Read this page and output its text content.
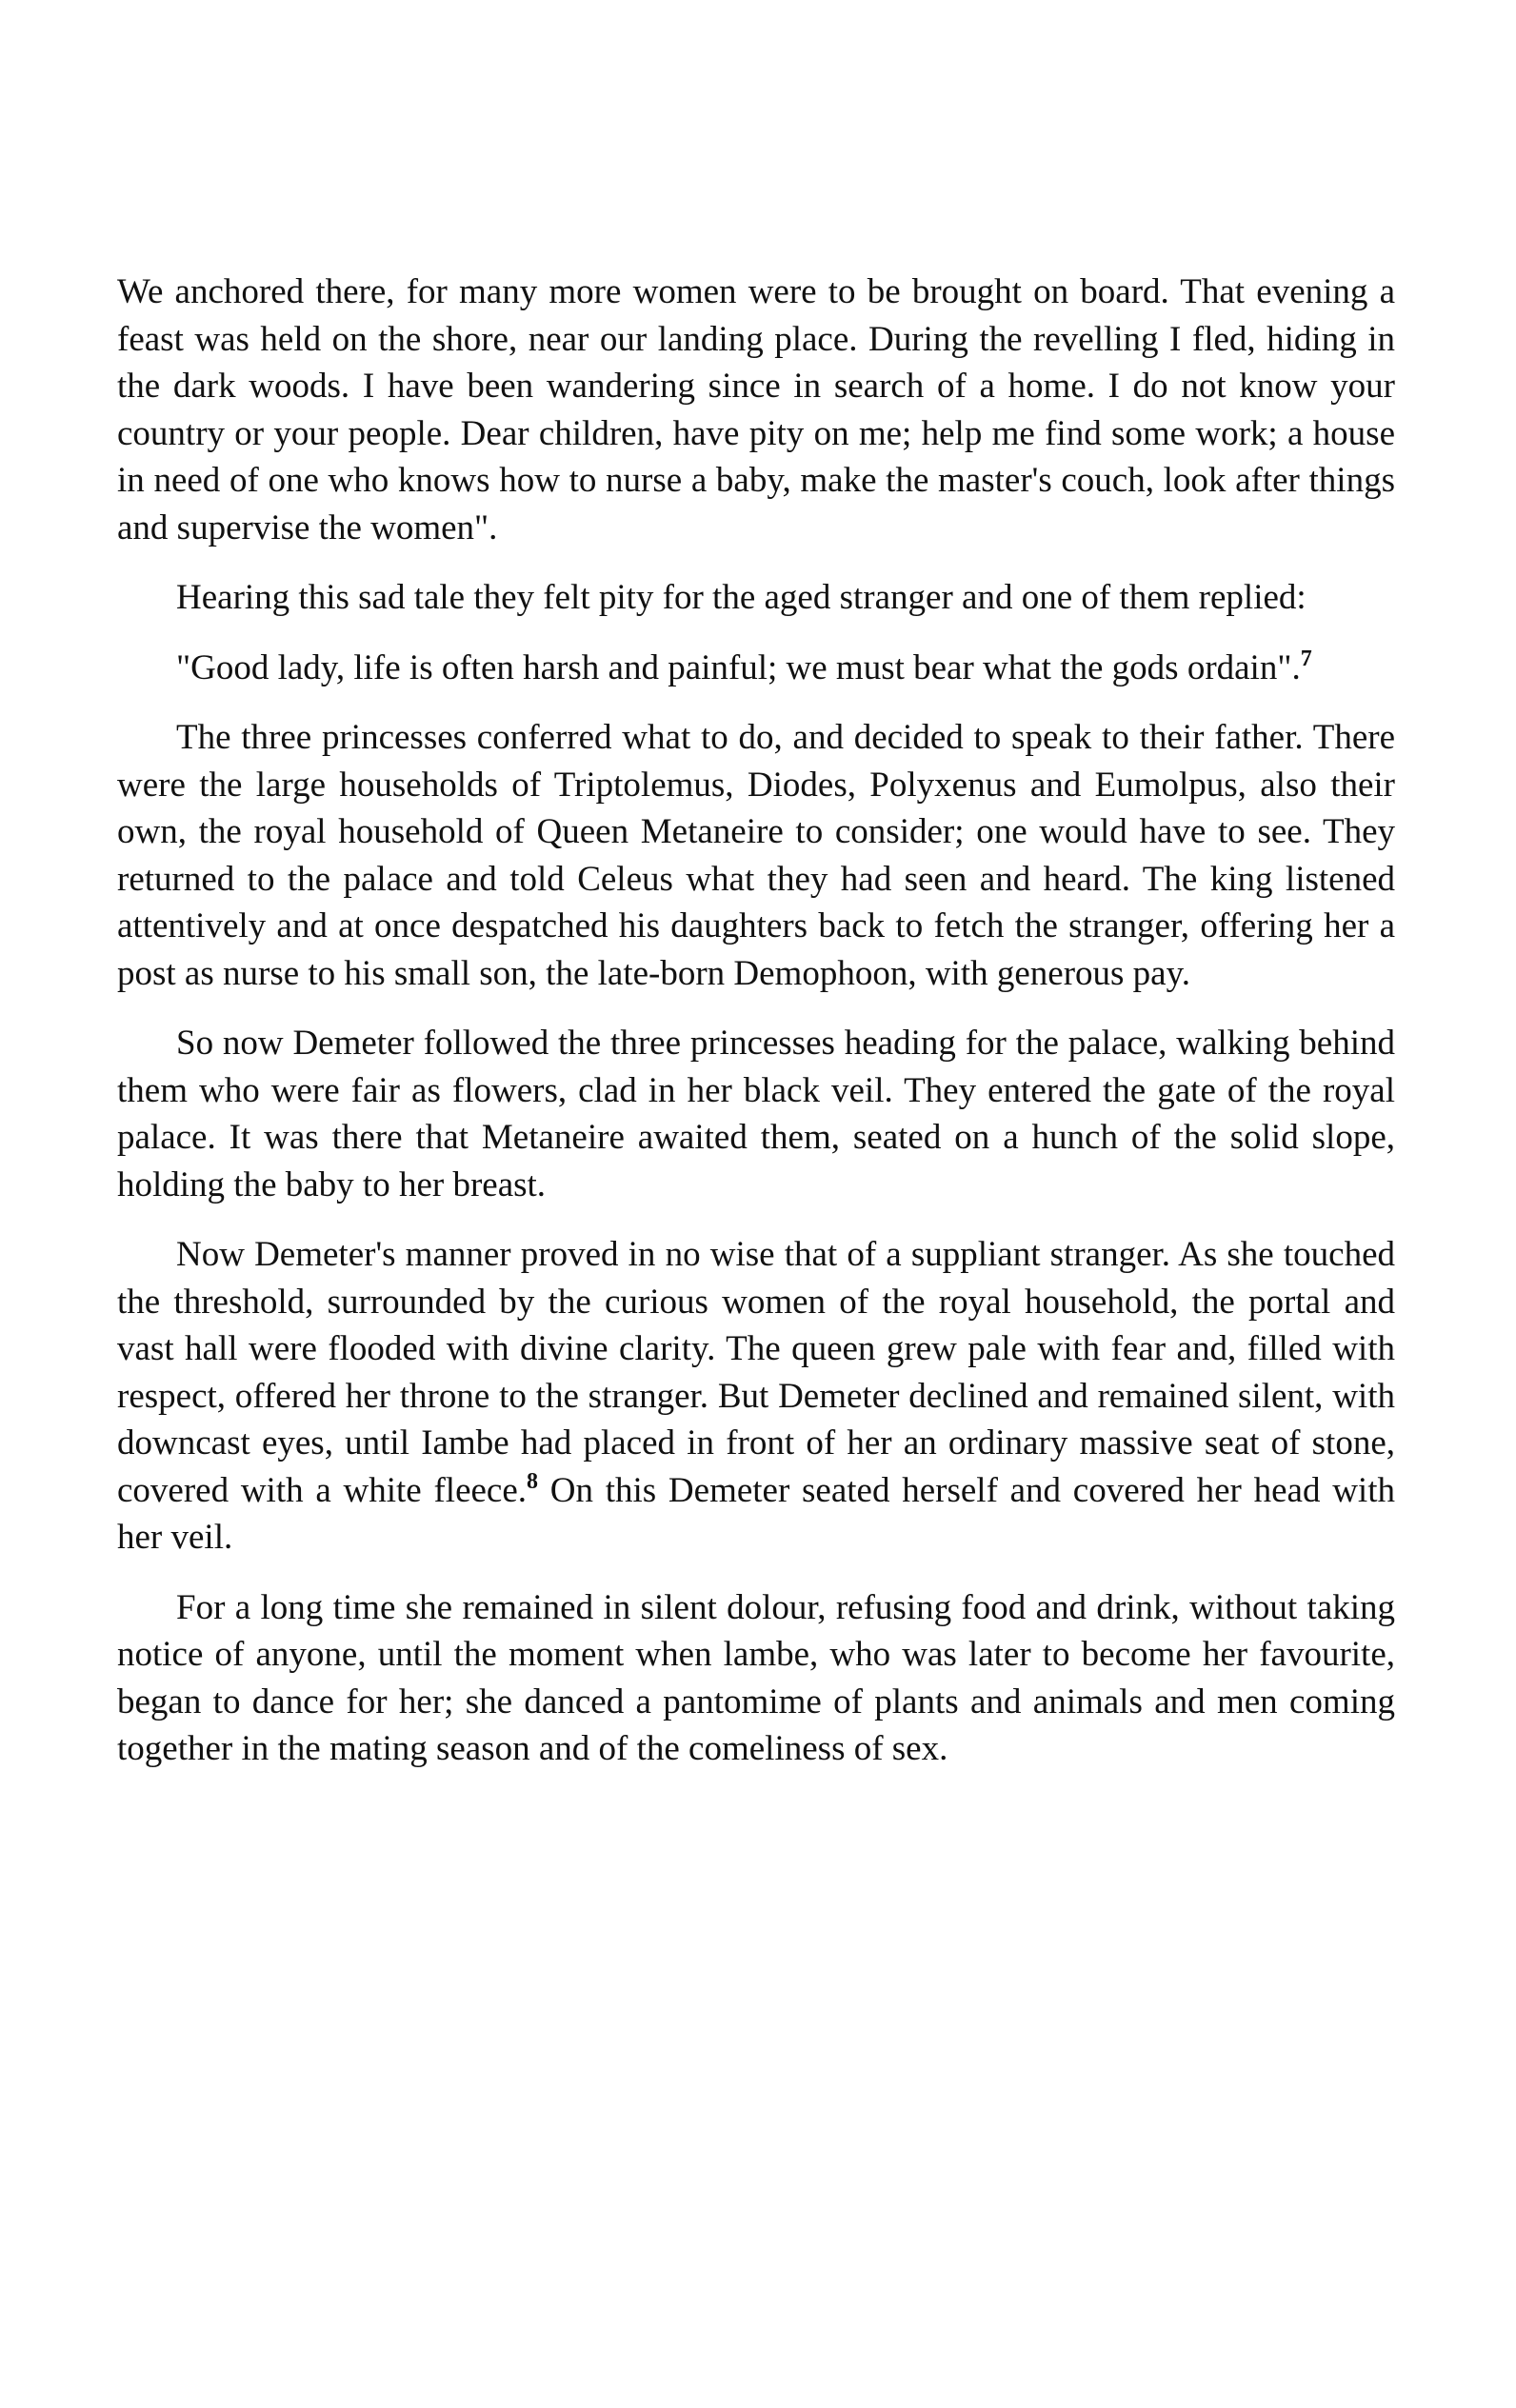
We anchored there, for many more women were to be brought on board. That evening a feast was held on the shore, near our landing place. During the revelling I fled, hiding in the dark woods. I have been wandering since in search of a home. I do not know your country or your people. Dear children, have pity on me; help me find some work; a house in need of one who knows how to nurse a baby, make the master's couch, look after things and supervise the women".

Hearing this sad tale they felt pity for the aged stranger and one of them replied:

"Good lady, life is often harsh and painful; we must bear what the gods ordain".$^7$

The three princesses conferred what to do, and decided to speak to their father. There were the large households of Triptolemus, Diodes, Polyxenus and Eumolpus, also their own, the royal household of Queen Metaneire to consider; one would have to see. They returned to the palace and told Celeus what they had seen and heard. The king listened attentively and at once despatched his daughters back to fetch the stranger, offering her a post as nurse to his small son, the late-born Demophoon, with generous pay.

So now Demeter followed the three princesses heading for the palace, walking behind them who were fair as flowers, clad in her black veil. They entered the gate of the royal palace. It was there that Metaneire awaited them, seated on a hunch of the solid slope, holding the baby to her breast.

Now Demeter's manner proved in no wise that of a suppliant stranger. As she touched the threshold, surrounded by the curious women of the royal household, the portal and vast hall were flooded with divine clarity. The queen grew pale with fear and, filled with respect, offered her throne to the stranger. But Demeter declined and remained silent, with downcast eyes, until Iambe had placed in front of her an ordinary massive seat of stone, covered with a white fleece.$^8$ On this Demeter seated herself and covered her head with her veil.

For a long time she remained in silent dolour, refusing food and drink, without taking notice of anyone, until the moment when lambe, who was later to become her favourite, began to dance for her; she danced a pantomime of plants and animals and men coming together in the mating season and of the comeliness of sex.
